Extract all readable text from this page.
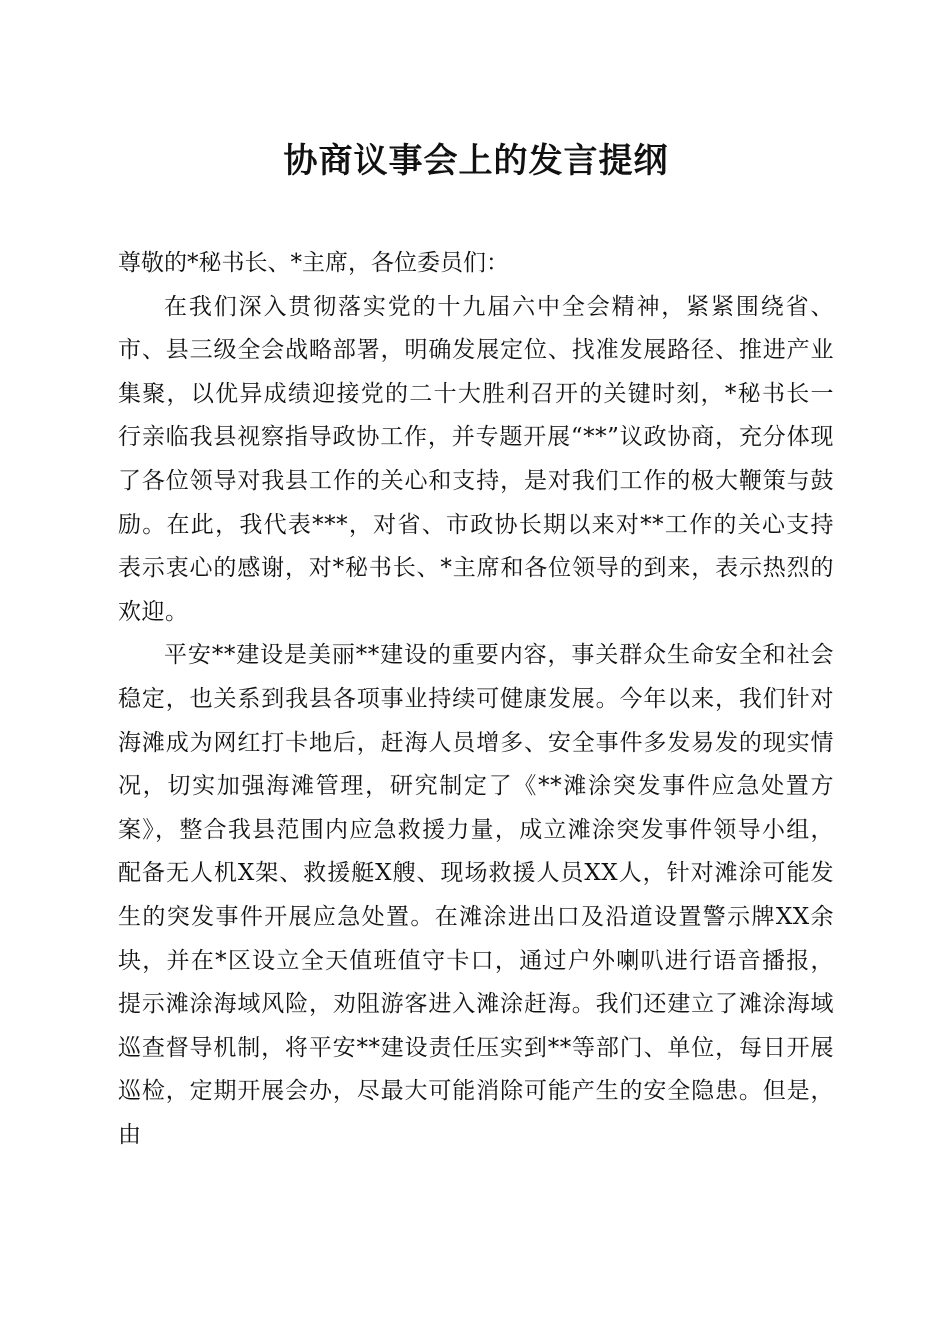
协商议事会上的发言提纲

尊敬的*秘书长、*主席，各位委员们：

在我们深入贯彻落实党的十九届六中全会精神，紧紧围绕省、市、县三级全会战略部署，明确发展定位、找准发展路径、推进产业集聚，以优异成绩迎接党的二十大胜利召开的关键时刻，*秘书长一行亲临我县视察指导政协工作，并专题开展“**”议政协商，充分体现了各位领导对我县工作的关心和支持，是对我们工作的极大鞭策与鼓励。在此，我代表***，对省、市政协长期以来对**工作的关心支持表示衷心的感谢，对*秘书长、*主席和各位领导的到来，表示热烈的欢迎。

平安**建设是美丽**建设的重要内容，事关群众生命安全和社会稳定，也关系到我县各项事业持续可健康发展。今年以来，我们针对海滩成为网红打卡地后，赶海人员增多、安全事件多发易发的现实情况，切实加强海滩管理，研究制定了《**滩涂突发事件应急处置方案》，整合我县范围内应急救援力量，成立滩涂突发事件领导小组，配备无人机X架、救援艇X艘、现场救援人员XX人，针对滩涂可能发生的突发事件开展应急处置。在滩涂进出口及沿道设置警示牌XX余块，并在*区设立全天值班值守卡口，通过户外喇叭进行语音播报，提示滩涂海域风险，劝阻游客进入滩涂赶海。我们还建立了滩涂海域巡查督导机制，将平安**建设责任压实到**等部门、单位，每日开展巡检，定期开展会办，尽最大可能消除可能产生的安全隐患。但是，由
